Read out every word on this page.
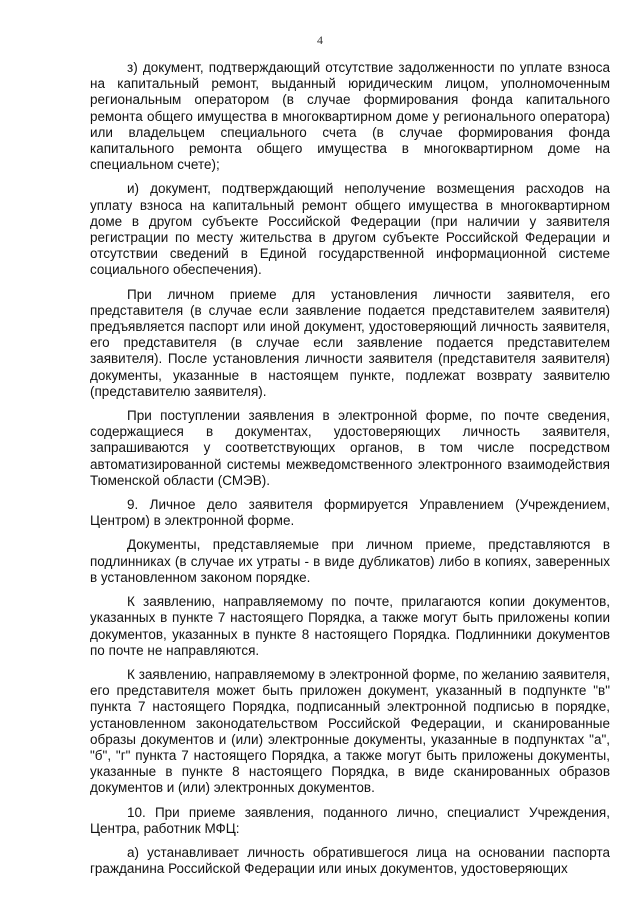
4

з) документ, подтверждающий отсутствие задолженности по уплате взноса на капитальный ремонт, выданный юридическим лицом, уполномоченным региональным оператором (в случае формирования фонда капитального ремонта общего имущества в многоквартирном доме у регионального оператора) или владельцем специального счета (в случае формирования фонда капитального ремонта общего имущества в многоквартирном доме на специальном счете);

и) документ, подтверждающий неполучение возмещения расходов на уплату взноса на капитальный ремонт общего имущества в многоквартирном доме в другом субъекте Российской Федерации (при наличии у заявителя регистрации по месту жительства в другом субъекте Российской Федерации и отсутствии сведений в Единой государственной информационной системе социального обеспечения).

При личном приеме для установления личности заявителя, его представителя (в случае если заявление подается представителем заявителя) предъявляется паспорт или иной документ, удостоверяющий личность заявителя, его представителя (в случае если заявление подается представителем заявителя). После установления личности заявителя (представителя заявителя) документы, указанные в настоящем пункте, подлежат возврату заявителю (представителю заявителя).

При поступлении заявления в электронной форме, по почте сведения, содержащиеся в документах, удостоверяющих личность заявителя, запрашиваются у соответствующих органов, в том числе посредством автоматизированной системы межведомственного электронного взаимодействия Тюменской области (СМЭВ).

9. Личное дело заявителя формируется Управлением (Учреждением, Центром) в электронной форме.

Документы, представляемые при личном приеме, представляются в подлинниках (в случае их утраты - в виде дубликатов) либо в копиях, заверенных в установленном законом порядке.

К заявлению, направляемому по почте, прилагаются копии документов, указанных в пункте 7 настоящего Порядка, а также могут быть приложены копии документов, указанных в пункте 8 настоящего Порядка. Подлинники документов по почте не направляются.

К заявлению, направляемому в электронной форме, по желанию заявителя, его представителя может быть приложен документ, указанный в подпункте "в" пункта 7 настоящего Порядка, подписанный электронной подписью в порядке, установленном законодательством Российской Федерации, и сканированные образы документов и (или) электронные документы, указанные в подпунктах "а", "б", "г" пункта 7 настоящего Порядка, а также могут быть приложены документы, указанные в пункте 8 настоящего Порядка, в виде сканированных образов документов и (или) электронных документов.

10. При приеме заявления, поданного лично, специалист Учреждения, Центра, работник МФЦ:

а) устанавливает личность обратившегося лица на основании паспорта гражданина Российской Федерации или иных документов, удостоверяющих
